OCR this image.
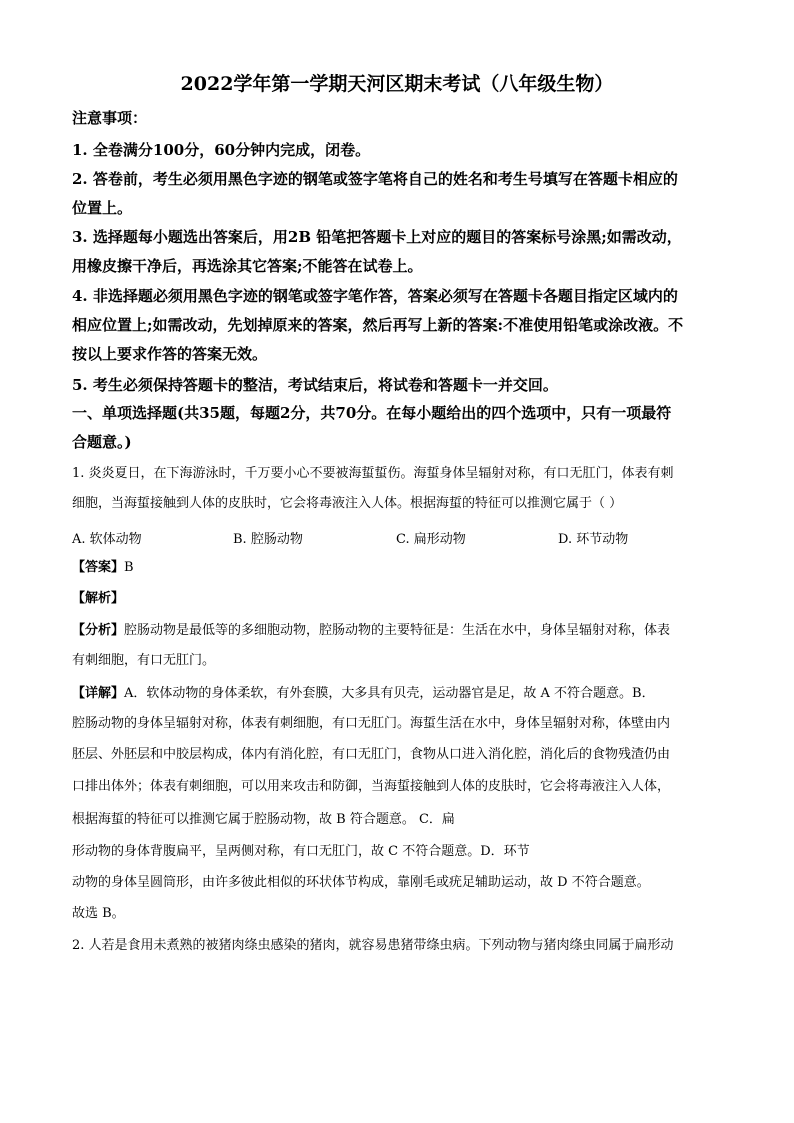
2022学年第一学期天河区期末考试（八年级生物）
注意事项：
1. 全卷满分100分，60分钟内完成，闭卷。
2. 答卷前，考生必须用黑色字迹的钢笔或签字笔将自己的姓名和考生号填写在答题卡相应的
位置上。
3. 选择题每小题选出答案后，用2B 铅笔把答题卡上对应的题目的答案标号涂黑;如需改动，
用橡皮擦干净后，再选涂其它答案;不能答在试卷上。
4. 非选择题必须用黑色字迹的钢笔或签字笔作答，答案必须写在答题卡各题目指定区域内的
相应位置上;如需改动，先划掉原来的答案，然后再写上新的答案:不准使用铅笔或涂改液。不
按以上要求作答的答案无效。
5. 考生必须保持答题卡的整洁，考试结束后，将试卷和答题卡一并交回。
一、单项选择题(共35题，每题2分，共70分。在每小题给出的四个选项中，只有一项最符
合题意。)
1. 炎炎夏日，在下海游泳时，千万要小心不要被海蜇蜇伤。海蜇身体呈辐射对称，有口无肛门，体表有刺
细胞，当海蜇接触到人体的皮肤时，它会将毒液注入人体。根据海蜇的特征可以推测它属于（ ）
A. 软体动物	B. 腔肠动物	C. 扁形动物	D. 环节动物
【答案】B
【解析】
【分析】腔肠动物是最低等的多细胞动物，腔肠动物的主要特征是：生活在水中，身体呈辐射对称，体表
有刺细胞，有口无肛门。
【详解】A．软体动物的身体柔软，有外套膜，大多具有贝壳，运动器官是足，故 A 不符合题意。B．
腔肠动物的身体呈辐射对称，体表有刺细胞，有口无肛门。海蜇生活在水中，身体呈辐射对称，体壁由内
胚层、外胚层和中胶层构成，体内有消化腔，有口无肛门，食物从口进入消化腔，消化后的食物残渣仍由
口排出体外；体表有刺细胞，可以用来攻击和防御，当海蜇接触到人体的皮肤时，它会将毒液注入人体，
根据海蜇的特征可以推测它属于腔肠动物，故 B 符合题意。 C．扁
形动物的身体背腹扁平，呈两侧对称，有口无肛门，故 C 不符合题意。D．环节
动物的身体呈圆筒形，由许多彼此相似的环状体节构成，靠刚毛或疣足辅助运动，故 D 不符合题意。
故选 B。
2. 人若是食用未煮熟的被猪肉绦虫感染的猪肉，就容易患猪带绦虫病。下列动物与猪肉绦虫同属于扁形动
